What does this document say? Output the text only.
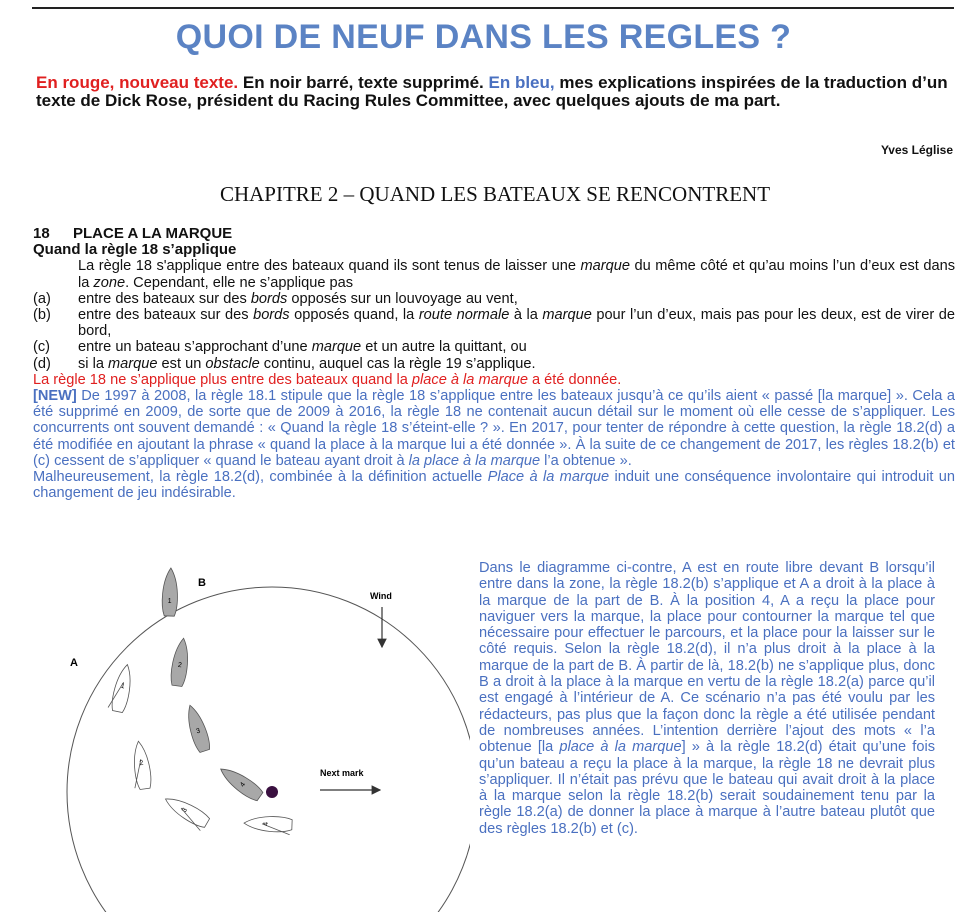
QUOI DE NEUF DANS LES REGLES ?
En rouge, nouveau texte. En noir barré, texte supprimé. En bleu, mes explications inspirées de la traduction d’un texte de Dick Rose, président du Racing Rules Committee, avec quelques ajouts de ma part.
Yves Léglise
CHAPITRE 2 – QUAND LES BATEAUX SE RENCONTRENT
18 PLACE A LA MARQUE
Quand la règle 18 s’applique
La règle 18 s'applique entre des bateaux quand ils sont tenus de laisser une marque du même côté et qu’au moins l’un d’eux est dans la zone. Cependant, elle ne s’applique pas
(a)	entre des bateaux sur des bords opposés sur un louvoyage au vent,
(b)	entre des bateaux sur des bords opposés quand, la route normale à la marque pour l’un d’eux, mais pas pour les deux, est de virer de bord,
(c)	entre un bateau s’approchant d’une marque et un autre la quittant, ou
(d)	si la marque est un obstacle continu, auquel cas la règle 19 s’applique.
La règle 18 ne s’applique plus entre des bateaux quand la place à la marque a été donnée.
[NEW] De 1997 à 2008, la règle 18.1 stipule que la règle 18 s’applique entre les bateaux jusqu’à ce qu’ils aient « passé [la marque] ». Cela a été supprimé en 2009, de sorte que de 2009 à 2016, la règle 18 ne contenait aucun détail sur le moment où elle cesse de s’appliquer. Les concurrents ont souvent demandé : « Quand la règle 18 s’éteint-elle ? ». En 2017, pour tenter de répondre à cette question, la règle 18.2(d) a été modifiée en ajoutant la phrase « quand la place à la marque lui a été donnée ». À la suite de ce changement de 2017, les règles 18.2(b) et (c) cessent de s’appliquer « quand le bateau ayant droit à la place à la marque l’a obtenue ».
Malheureusement, la règle 18.2(d), combinée à la définition actuelle Place à la marque induit une conséquence involontaire qui introduit un changement de jeu indésirable.
Dans le diagramme ci-contre, A est en route libre devant B lorsqu’il entre dans la zone, la règle 18.2(b) s’applique et A a droit à la place à la marque de la part de B. À la position 4, A a reçu la place pour naviguer vers la marque, la place pour contourner la marque tel que nécessaire pour effectuer le parcours, et la place pour la laisser sur le côté requis. Selon la règle 18.2(d), il n’a plus droit à la place à la marque de la part de B. À partir de là, 18.2(b) ne s’applique plus, donc B a droit à la place à la marque en vertu de la règle 18.2(a) parce qu’il est engagé à l’intérieur de A. Ce scénario n’a pas été voulu par les rédacteurs, pas plus que la façon donc la règle a été utilisée pendant de nombreuses années. L’intention derrière l’ajout des mots « l’a obtenue [la place à la marque] » à la règle 18.2(d) était qu’une fois qu’un bateau a reçu la place à la marque, la règle 18 ne devrait plus s’appliquer. Il n’était pas prévu que le bateau qui avait droit à la place à la marque selon la règle 18.2(b) serait soudainement tenu par la règle 18.2(a) de donner la place à marque à l’autre bateau plutôt que des règles 18.2(b) et (c).
Wind
Next mark
A
B
1
2
3
4
1
2
3
4
